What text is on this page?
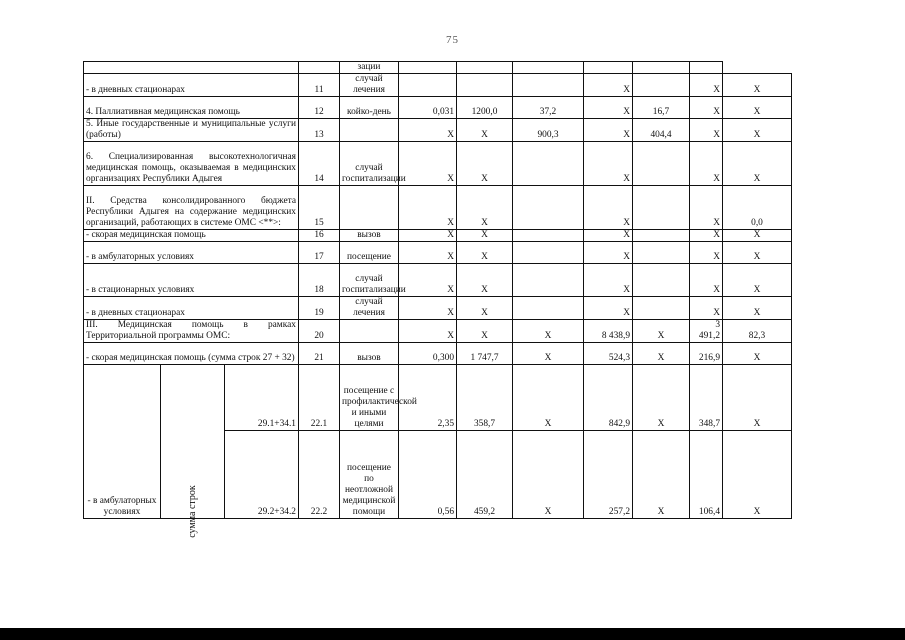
75
				зации							
- в дневных стационарах			11	случай лечения				X		X	X
4. Паллиативная медицинская помощь			12	койко-день	0,031	1200,0	37,2	X	16,7	X	X
5. Иные государственные и муниципальные услуги (работы)			13		X	X	900,3	X	404,4	X	X
6. Специализированная высокотехнологичная медицинская помощь, оказываемая в медицинских организациях Республики Адыгея			14	случай госпитализации	X	X		X		X	X
II. Средства консолидированного бюджета Республики Адыгея на содержание медицинских организаций, работающих в системе ОМС <**>:			15		X	X		X		X	0,0
- скорая медицинская помощь			16	вызов	X	X		X		X	X
- в амбулаторных условиях			17	посещение	X	X		X		X	X
- в стационарных условиях			18	случай госпитализации	X	X		X		X	X
- в дневных стационарах			19	случай лечения	X	X		X		X	X
III. Медицинская помощь в рамках Территориальной программы ОМС:			20		X	X	X	8 438,9	X	3 491,2	82,3
- скорая медицинская помощь (сумма строк 27 + 32)			21	вызов	0,300	1 747,7	X	524,3	X	216,9	X
- в амбулаторных условиях	сумма строк	29.1+34.1	22.1	посещение с профилактической и иными целями	2,35	358,7	X	842,9	X	348,7	X
		29.2+34.2	22.2	посещение по неотложной медицинской помощи	0,56	459,2	X	257,2	X	106,4	X
